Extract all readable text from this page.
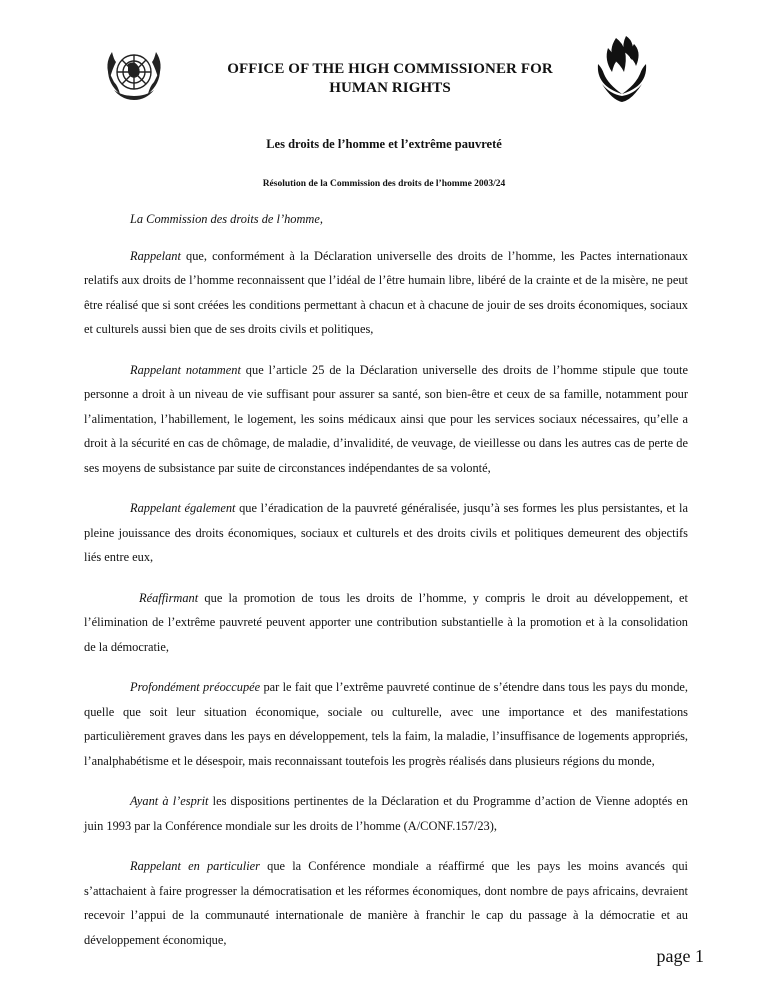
OFFICE OF THE HIGH COMMISSIONER FOR
HUMAN RIGHTS
Les droits de l’homme et l’extrême pauvreté
Résolution de la Commission des droits de l’homme 2003/24

La Commission des droits de l’homme,

Rappelant que, conformément à la Déclaration universelle des droits de l’homme, les Pactes internationaux relatifs aux droits de l’homme reconnaissent que l’idéal de l’être humain libre, libéré de la crainte et de la misère, ne peut être réalisé que si sont créées les conditions permettant à chacun et à chacune de jouir de ses droits économiques, sociaux et culturels aussi bien que de ses droits civils et politiques,

Rappelant notamment que l’article 25 de la Déclaration universelle des droits de l’homme stipule que toute personne a droit à un niveau de vie suffisant pour assurer sa santé, son bien-être et ceux de sa famille, notamment pour l’alimentation, l’habillement, le logement, les soins médicaux ainsi que pour les services sociaux nécessaires, qu’elle a droit à la sécurité en cas de chômage, de maladie, d’invalidité, de veuvage, de vieillesse ou dans les autres cas de perte de ses moyens de subsistance par suite de circonstances indépendantes de sa volonté,

Rappelant également que l’éradication de la pauvreté généralisée, jusqu’à ses formes les plus persistantes, et la pleine jouissance des droits économiques, sociaux et culturels et des droits civils et politiques demeurent des objectifs liés entre eux,

Réaffirmant que la promotion de tous les droits de l’homme, y compris le droit au développement, et l’élimination de l’extrême pauvreté peuvent apporter une contribution substantielle à la promotion et à la consolidation de la démocratie,

Profondément préoccupée par le fait que l’extrême pauvreté continue de s’étendre dans tous les pays du monde, quelle que soit leur situation économique, sociale ou culturelle, avec une importance et des manifestations particulièrement graves dans les pays en développement, tels la faim, la maladie, l’insuffisance de logements appropriés, l’analphabétisme et le désespoir, mais reconnaissant toutefois les progrès réalisés dans plusieurs régions du monde,

Ayant à l’esprit les dispositions pertinentes de la Déclaration et du Programme d’action de Vienne adoptés en juin 1993 par la Conférence mondiale sur les droits de l’homme (A/CONF.157/23),

Rappelant en particulier que la Conférence mondiale a réaffirmé que les pays les moins avancés qui s’attachaient à faire progresser la démocratisation et les réformes économiques, dont nombre de pays africains, devraient recevoir l’appui de la communauté internationale de manière à franchir le cap du passage à la démocratie et au développement économique,

page 1
